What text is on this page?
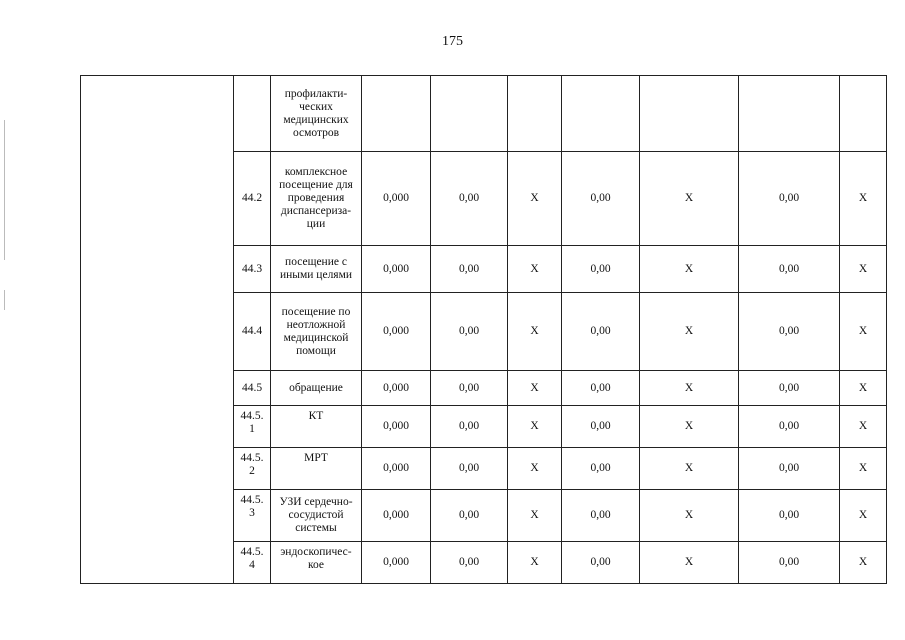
175
		профилакти-
ческих
медицинских
осмотров							
	44.2	комплексное
посещение для
проведения
диспансериза-
ции	0,000	0,00	X	0,00	X	0,00	X
	44.3	посещение с
иными целями	0,000	0,00	X	0,00	X	0,00	X
	44.4	посещение по
неотложной
медицинской
помощи	0,000	0,00	X	0,00	X	0,00	X
	44.5	обращение	0,000	0,00	X	0,00	X	0,00	X
	44.5.
1	КТ	0,000	0,00	X	0,00	X	0,00	X
	44.5.
2	МРТ	0,000	0,00	X	0,00	X	0,00	X
	44.5.
3	УЗИ сердечно-
сосудистой
системы	0,000	0,00	X	0,00	X	0,00	X
	44.5.
4	эндоскопичес-
кое	0,000	0,00	X	0,00	X	0,00	X
